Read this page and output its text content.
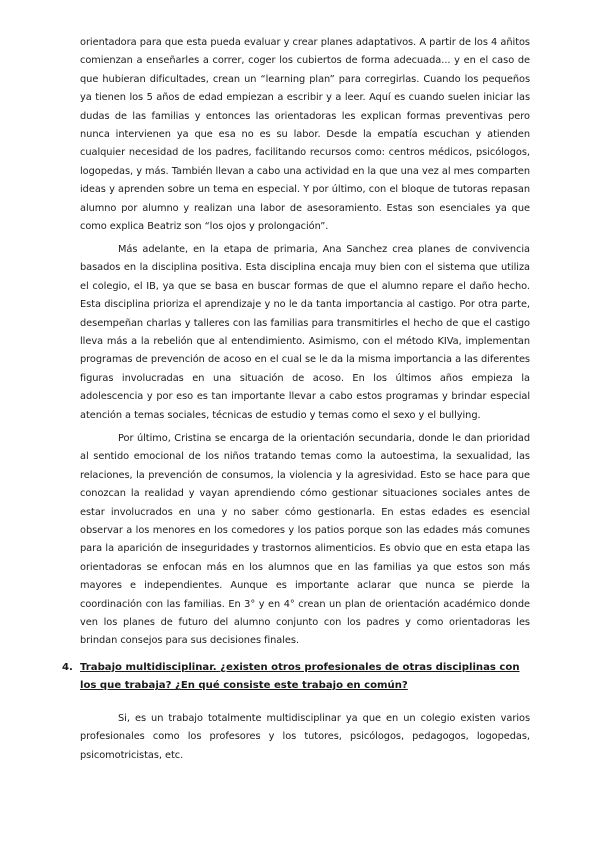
orientadora para que esta pueda evaluar y crear planes adaptativos. A partir de los 4 añitos comienzan a enseñarles a correr, coger los cubiertos de forma adecuada... y en el caso de que hubieran dificultades, crean un “learning plan” para corregirlas. Cuando los pequeños ya tienen los 5 años de edad empiezan a escribir y a leer. Aquí es cuando suelen iniciar las dudas de las familias y entonces las orientadoras les explican formas preventivas pero nunca intervienen ya que esa no es su labor. Desde la empatía escuchan y atienden cualquier necesidad de los padres, facilitando recursos como: centros médicos, psicólogos, logopedas, y más. También llevan a cabo una actividad en la que una vez al mes comparten ideas y aprenden sobre un tema en especial. Y por último, con el bloque de tutoras repasan alumno por alumno y realizan una labor de asesoramiento. Estas son esenciales ya que como explica Beatriz son “los ojos y prolongación”.

Más adelante, en la etapa de primaria, Ana Sanchez crea planes de convivencia basados en la disciplina positiva. Esta disciplina encaja muy bien con el sistema que utiliza el colegio, el IB, ya que se basa en buscar formas de que el alumno repare el daño hecho. Esta disciplina prioriza el aprendizaje y no le da tanta importancia al castigo. Por otra parte, desempeñan charlas y talleres con las familias para transmitirles el hecho de que el castigo lleva más a la rebelión que al entendimiento. Asimismo, con el método KIVa, implementan programas de prevención de acoso en el cual se le da la misma importancia a las diferentes figuras involucradas en una situación de acoso. En los últimos años empieza la adolescencia y por eso es tan importante llevar a cabo estos programas y brindar especial atención a temas sociales, técnicas de estudio y temas como el sexo y el bullying.

Por último, Cristina se encarga de la orientación secundaria, donde le dan prioridad al sentido emocional de los niños tratando temas como la autoestima, la sexualidad, las relaciones, la prevención de consumos, la violencia y la agresividad. Esto se hace para que conozcan la realidad y vayan aprendiendo cómo gestionar situaciones sociales antes de estar involucrados en una y no saber cómo gestionarla. En estas edades es esencial observar a los menores en los comedores y los patios porque son las edades más comunes para la aparición de inseguridades y trastornos alimenticios. Es obvio que en esta etapa las orientadoras se enfocan más en los alumnos que en las familias ya que estos son más mayores e independientes. Aunque es importante aclarar que nunca se pierde la coordinación con las familias. En 3° y en 4° crean un plan de orientación académico donde ven los planes de futuro del alumno conjunto con los padres y como orientadoras les brindan consejos para sus decisiones finales.

4. Trabajo multidisciplinar. ¿existen otros profesionales de otras disciplinas con los que trabaja? ¿En qué consiste este trabajo en común?

Si, es un trabajo totalmente multidisciplinar ya que en un colegio existen varios profesionales como los profesores y los tutores, psicólogos, pedagogos, logopedas, psicomotricistas, etc.
